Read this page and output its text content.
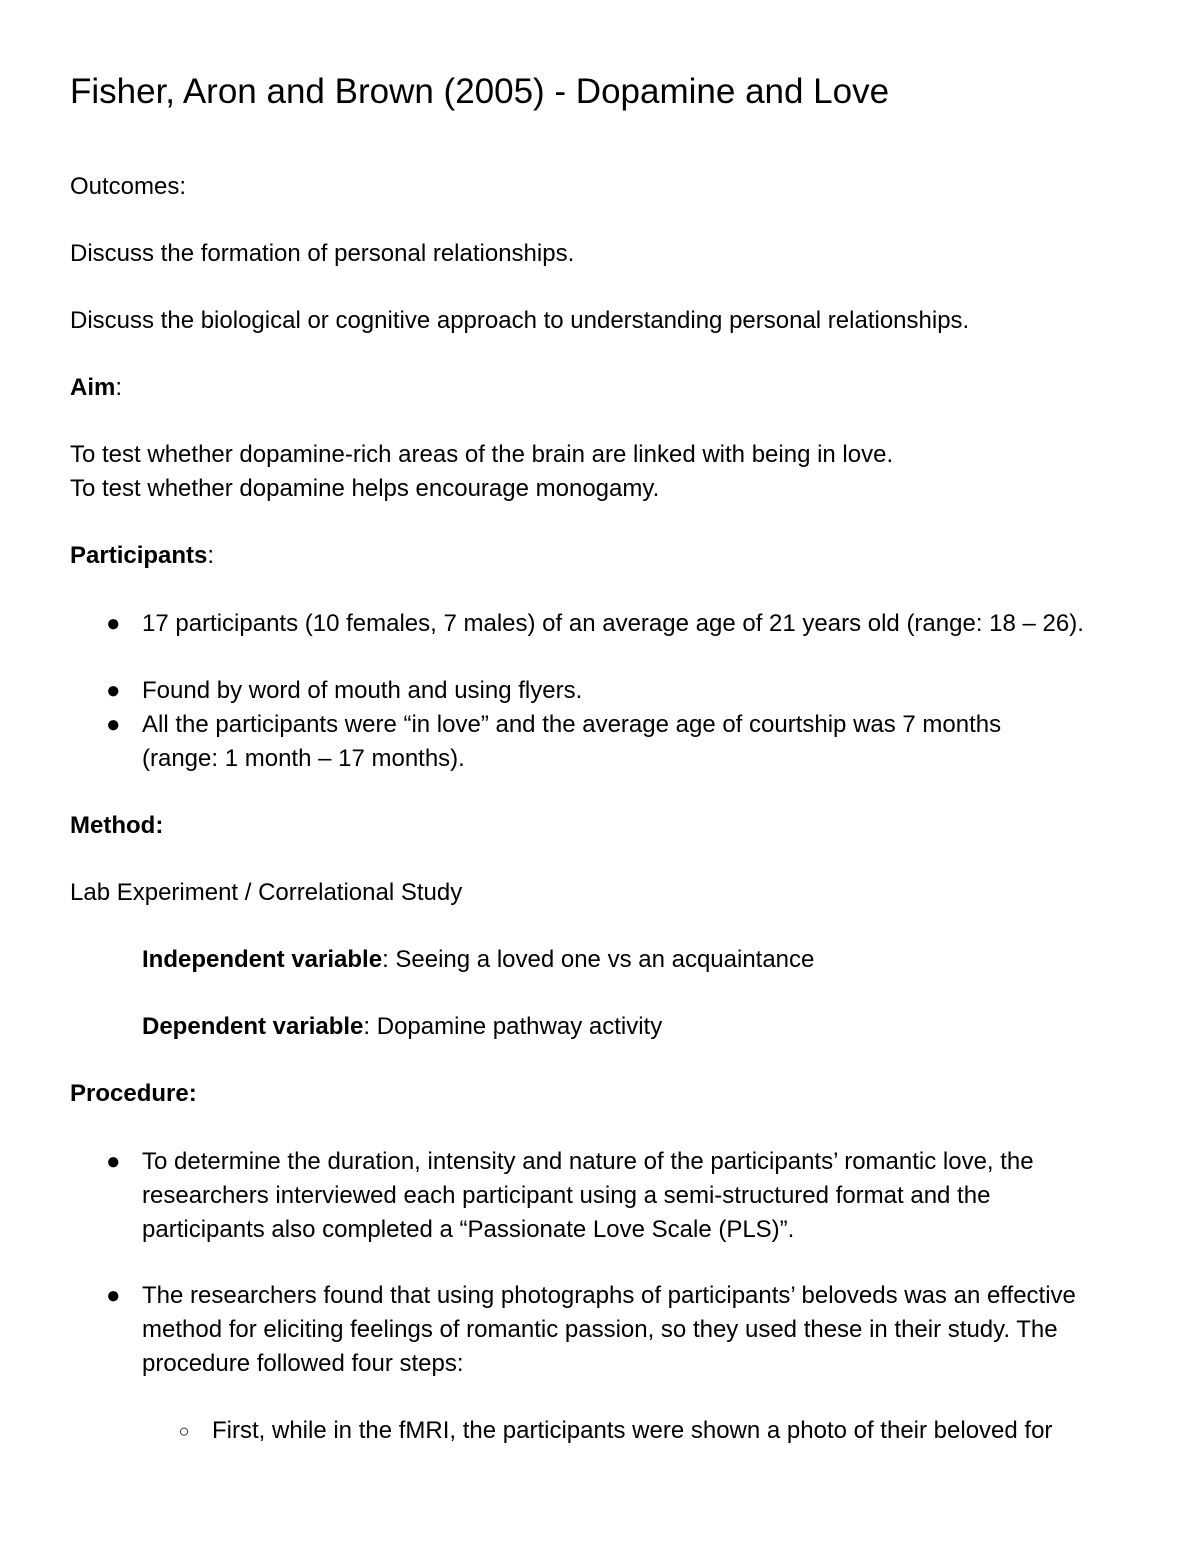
Fisher, Aron and Brown (2005) - Dopamine and Love

Outcomes:

Discuss the formation of personal relationships.

Discuss the biological or cognitive approach to understanding personal relationships.

Aim:

To test whether dopamine-rich areas of the brain are linked with being in love.

To test whether dopamine helps encourage monogamy.

Participants:

● 17 participants (10 females, 7 males) of an average age of 21 years old (range: 18 – 26).

● Found by word of mouth and using flyers.

● All the participants were “in love” and the average age of courtship was 7 months (range: 1 month – 17 months).

Method:

Lab Experiment / Correlational Study

Independent variable: Seeing a loved one vs an acquaintance

Dependent variable: Dopamine pathway activity

Procedure:

● To determine the duration, intensity and nature of the participants’ romantic love, the researchers interviewed each participant using a semi-structured format and the participants also completed a “Passionate Love Scale (PLS)”.

● The researchers found that using photographs of participants’ beloveds was an effective method for eliciting feelings of romantic passion, so they used these in their study. The procedure followed four steps:

○ First, while in the fMRI, the participants were shown a photo of their beloved for
